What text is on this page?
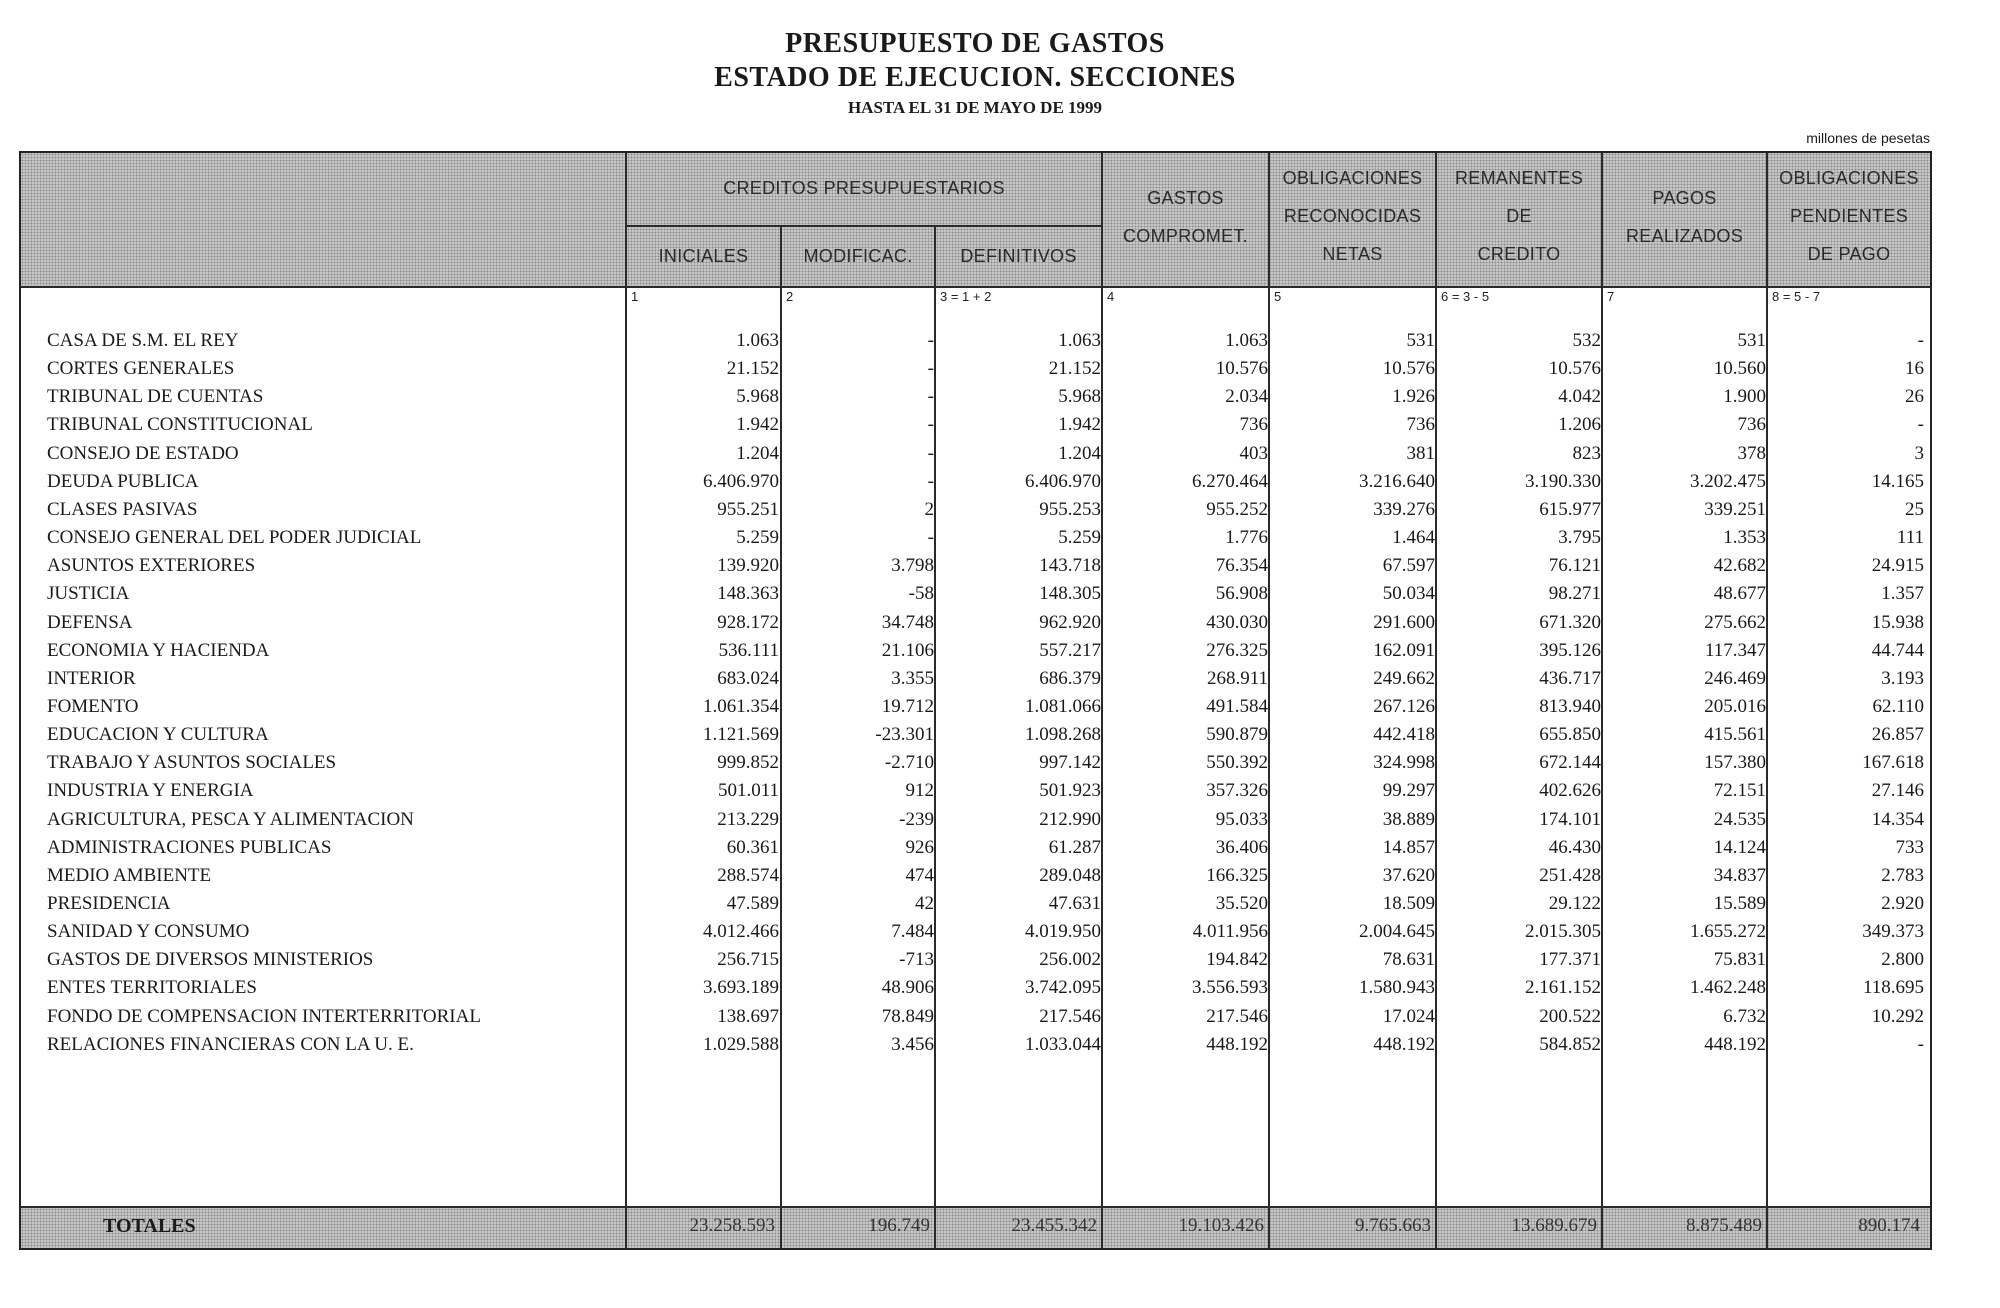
PRESUPUESTO DE GASTOS
ESTADO DE EJECUCION. SECCIONES
HASTA EL 31 DE MAYO DE 1999
millones de pesetas
CREDITOS PRESUPUESTARIOS
INICIALES	MODIFICAC.	DEFINITIVOS
GASTOS
COMPROMET.
OBLIGACIONES
RECONOCIDAS
NETAS
REMANENTES
DE
CREDITO
PAGOS
REALIZADOS
OBLIGACIONES
PENDIENTES
DE PAGO
1	2	3 = 1 + 2	4	5	6 = 3 - 5	7	8 = 5 - 7
CASA DE S.M. EL REY	1.063	-	1.063	1.063	531	532	531	-
CORTES GENERALES	21.152	-	21.152	10.576	10.576	10.576	10.560	16
TRIBUNAL DE CUENTAS	5.968	-	5.968	2.034	1.926	4.042	1.900	26
TRIBUNAL CONSTITUCIONAL	1.942	-	1.942	736	736	1.206	736	-
CONSEJO DE ESTADO	1.204	-	1.204	403	381	823	378	3
DEUDA PUBLICA	6.406.970	-	6.406.970	6.270.464	3.216.640	3.190.330	3.202.475	14.165
CLASES PASIVAS	955.251	2	955.253	955.252	339.276	615.977	339.251	25
CONSEJO GENERAL DEL PODER JUDICIAL	5.259	-	5.259	1.776	1.464	3.795	1.353	111
ASUNTOS EXTERIORES	139.920	3.798	143.718	76.354	67.597	76.121	42.682	24.915
JUSTICIA	148.363	-58	148.305	56.908	50.034	98.271	48.677	1.357
DEFENSA	928.172	34.748	962.920	430.030	291.600	671.320	275.662	15.938
ECONOMIA Y HACIENDA	536.111	21.106	557.217	276.325	162.091	395.126	117.347	44.744
INTERIOR	683.024	3.355	686.379	268.911	249.662	436.717	246.469	3.193
FOMENTO	1.061.354	19.712	1.081.066	491.584	267.126	813.940	205.016	62.110
EDUCACION Y CULTURA	1.121.569	-23.301	1.098.268	590.879	442.418	655.850	415.561	26.857
TRABAJO Y ASUNTOS SOCIALES	999.852	-2.710	997.142	550.392	324.998	672.144	157.380	167.618
INDUSTRIA Y ENERGIA	501.011	912	501.923	357.326	99.297	402.626	72.151	27.146
AGRICULTURA, PESCA Y ALIMENTACION	213.229	-239	212.990	95.033	38.889	174.101	24.535	14.354
ADMINISTRACIONES PUBLICAS	60.361	926	61.287	36.406	14.857	46.430	14.124	733
MEDIO AMBIENTE	288.574	474	289.048	166.325	37.620	251.428	34.837	2.783
PRESIDENCIA	47.589	42	47.631	35.520	18.509	29.122	15.589	2.920
SANIDAD Y CONSUMO	4.012.466	7.484	4.019.950	4.011.956	2.004.645	2.015.305	1.655.272	349.373
GASTOS DE DIVERSOS MINISTERIOS	256.715	-713	256.002	194.842	78.631	177.371	75.831	2.800
ENTES TERRITORIALES	3.693.189	48.906	3.742.095	3.556.593	1.580.943	2.161.152	1.462.248	118.695
FONDO DE COMPENSACION INTERTERRITORIAL	138.697	78.849	217.546	217.546	17.024	200.522	6.732	10.292
RELACIONES FINANCIERAS CON LA U. E.	1.029.588	3.456	1.033.044	448.192	448.192	584.852	448.192	-
TOTALES	23.258.593	196.749	23.455.342	19.103.426	9.765.663	13.689.679	8.875.489	890.174
